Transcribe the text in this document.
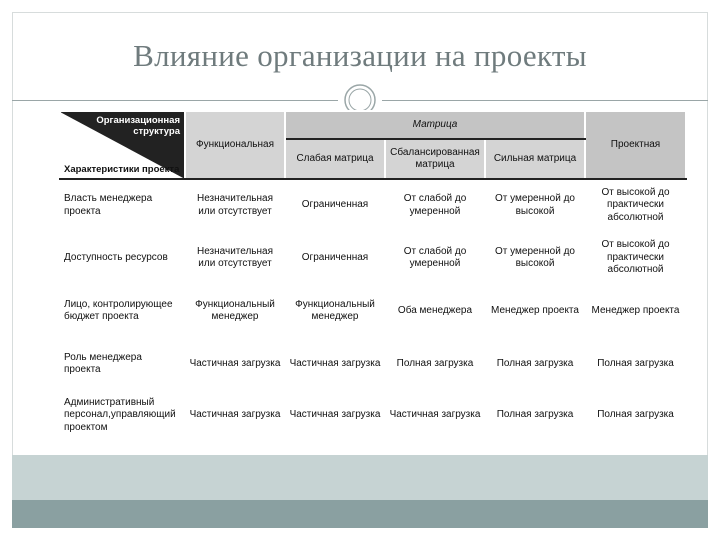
Влияние организации на проекты
Организационная структура
Характеристики проекта	Функциональная	Матрица			Проектная
		Слабая матрица	Сбалансированная матрица	Сильная матрица	
Власть менеджера проекта	Незначительная или отсутствует	Ограниченная	От слабой до умеренной	От умеренной до высокой	От высокой до практически абсолютной
Доступность ресурсов	Незначительная или отсутствует	Ограниченная	От слабой до умеренной	От умеренной до высокой	От высокой до практически абсолютной
Лицо, контролирующее бюджет проекта	Функциональный менеджер	Функциональный менеджер	Оба менеджера	Менеджер проекта	Менеджер проекта
Роль менеджера проекта	Частичная загрузка	Частичная загрузка	Полная загрузка	Полная загрузка	Полная загрузка
Административный персонал,управляющий проектом	Частичная загрузка	Частичная загрузка	Частичная загрузка	Полная загрузка	Полная загрузка
